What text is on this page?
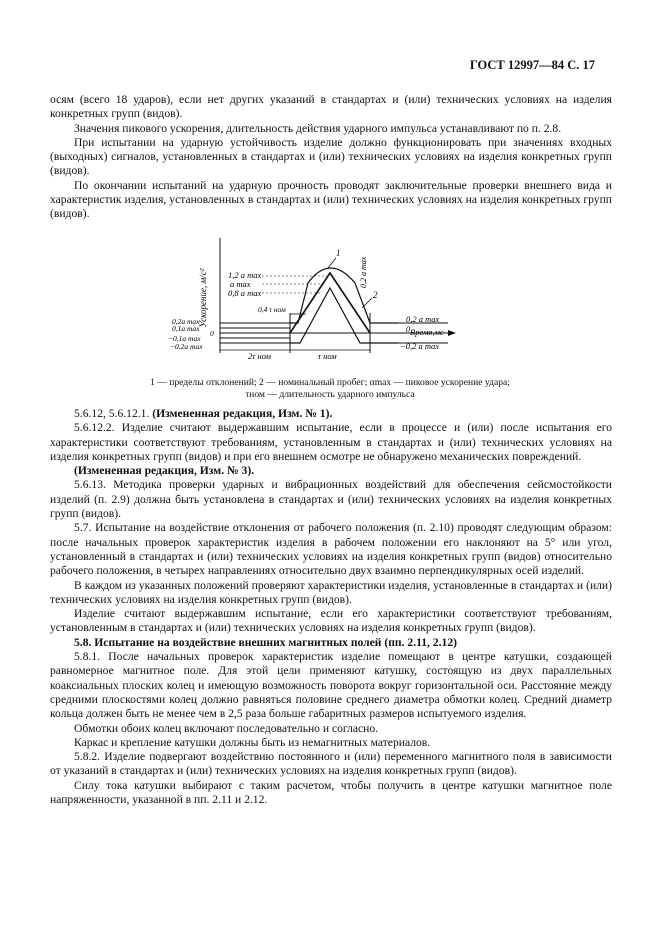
ГОСТ 12997—84 С. 17

осям (всего 18 ударов), если нет других указаний в стандартах и (или) технических условиях на изделия конкретных групп (видов).

Значения пикового ускорения, длительность действия ударного импульса устанавливают по п. 2.8.

При испытании на ударную устойчивость изделие должно функционировать при значениях входных (выходных) сигналов, установленных в стандартах и (или) технических условиях на изделия конкретных групп (видов).

По окончании испытаний на ударную прочность проводят заключительные проверки внешнего вида и характеристик изделия, установленных в стандартах и (или) технических условиях на изделия конкретных групп (видов).

Ускорение, м/с² 1,2 a max
a max
0,8 a max
0,4 τ ном
0,2a max
0,1a max
0
−0,1a max
−0,2a max
0,2 a max
0 Время,мс
−0,2 a max
0,2 a max
1
2
2τ ном	τ ном
1 — пределы отклонений; 2 — номинальный пробег; αmax — пиковое ускорение удара;
τном — длительность ударного импульса

5.6.12, 5.6.12.1. (Измененная редакция, Изм. № 1).

5.6.12.2. Изделие считают выдержавшим испытание, если в процессе и (или) после испытания его характеристики соответствуют требованиям, установленным в стандартах и (или) технических условиях на изделия конкретных групп (видов) и при его внешнем осмотре не обнаружено механических повреждений.

(Измененная редакция, Изм. № 3).

5.6.13. Методика проверки ударных и вибрационных воздействий для обеспечения сейсмостойкости изделий (п. 2.9) должна быть установлена в стандартах и (или) технических условиях на изделия конкретных групп (видов).

5.7. Испытание на воздействие отклонения от рабочего положения (п. 2.10) проводят следующим образом: после начальных проверок характеристик изделия в рабочем положении его наклоняют на 5° или угол, установленный в стандартах и (или) технических условиях на изделия конкретных групп (видов) относительно рабочего положения, в четырех направлениях относительно двух взаимно перпендикулярных осей изделий.

В каждом из указанных положений проверяют характеристики изделия, установленные в стандартах и (или) технических условиях на изделия конкретных групп (видов).

Изделие считают выдержавшим испытание, если его характеристики соответствуют требованиям, установленным в стандартах и (или) технических условиях на изделия конкретных групп (видов).

5.8. Испытание на воздействие внешних магнитных полей (пп. 2.11, 2.12)

5.8.1. После начальных проверок характеристик изделие помещают в центре катушки, создающей равномерное магнитное поле. Для этой цели применяют катушку, состоящую из двух параллельных коаксиальных плоских колец и имеющую возможность поворота вокруг горизонтальной оси. Расстояние между средними плоскостями колец должно равняться половине среднего диаметра обмотки колец. Средний диаметр кольца должен быть не менее чем в 2,5 раза больше габаритных размеров испытуемого изделия.

Обмотки обоих колец включают последовательно и согласно.

Каркас и крепление катушки должны быть из немагнитных материалов.

5.8.2. Изделие подвергают воздействию постоянного и (или) переменного магнитного поля в зависимости от указаний в стандартах и (или) технических условиях на изделия конкретных групп (видов).

Силу тока катушки выбирают с таким расчетом, чтобы получить в центре катушки магнитное поле напряженности, указанной в пп. 2.11 и 2.12.
